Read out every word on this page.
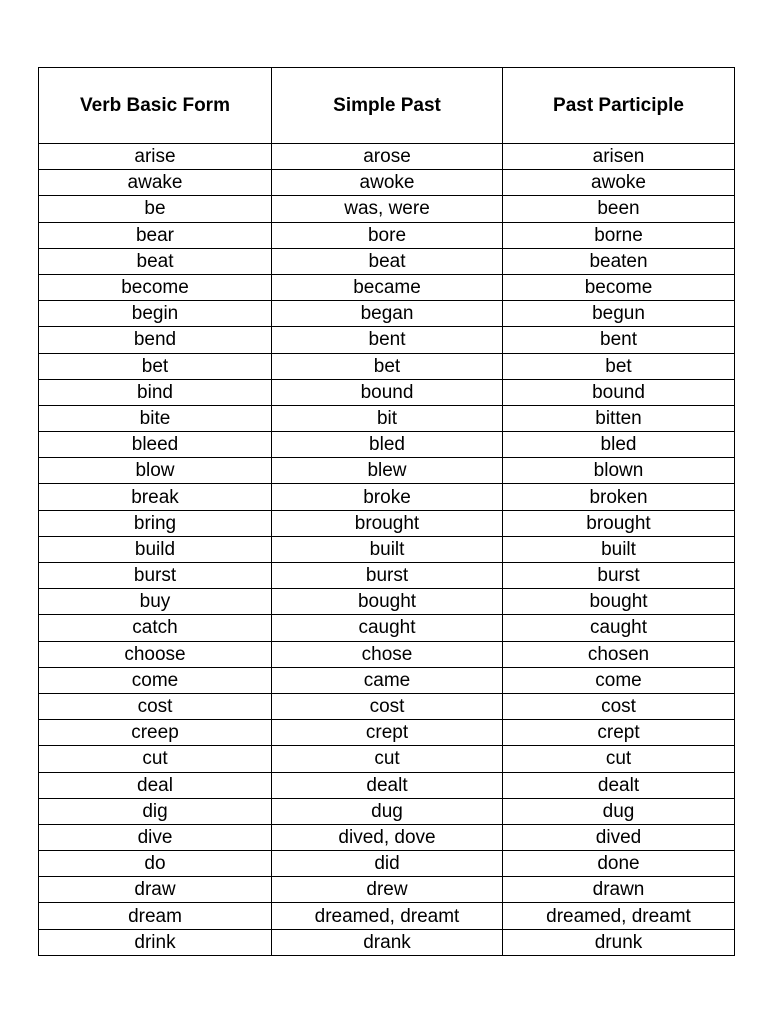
Verb Basic Form	Simple Past	Past Participle
arise	arose	arisen
awake	awoke	awoke
be	was, were	been
bear	bore	borne
beat	beat	beaten
become	became	become
begin	began	begun
bend	bent	bent
bet	bet	bet
bind	bound	bound
bite	bit	bitten
bleed	bled	bled
blow	blew	blown
break	broke	broken
bring	brought	brought
build	built	built
burst	burst	burst
buy	bought	bought
catch	caught	caught
choose	chose	chosen
come	came	come
cost	cost	cost
creep	crept	crept
cut	cut	cut
deal	dealt	dealt
dig	dug	dug
dive	dived, dove	dived
do	did	done
draw	drew	drawn
dream	dreamed, dreamt	dreamed, dreamt
drink	drank	drunk
